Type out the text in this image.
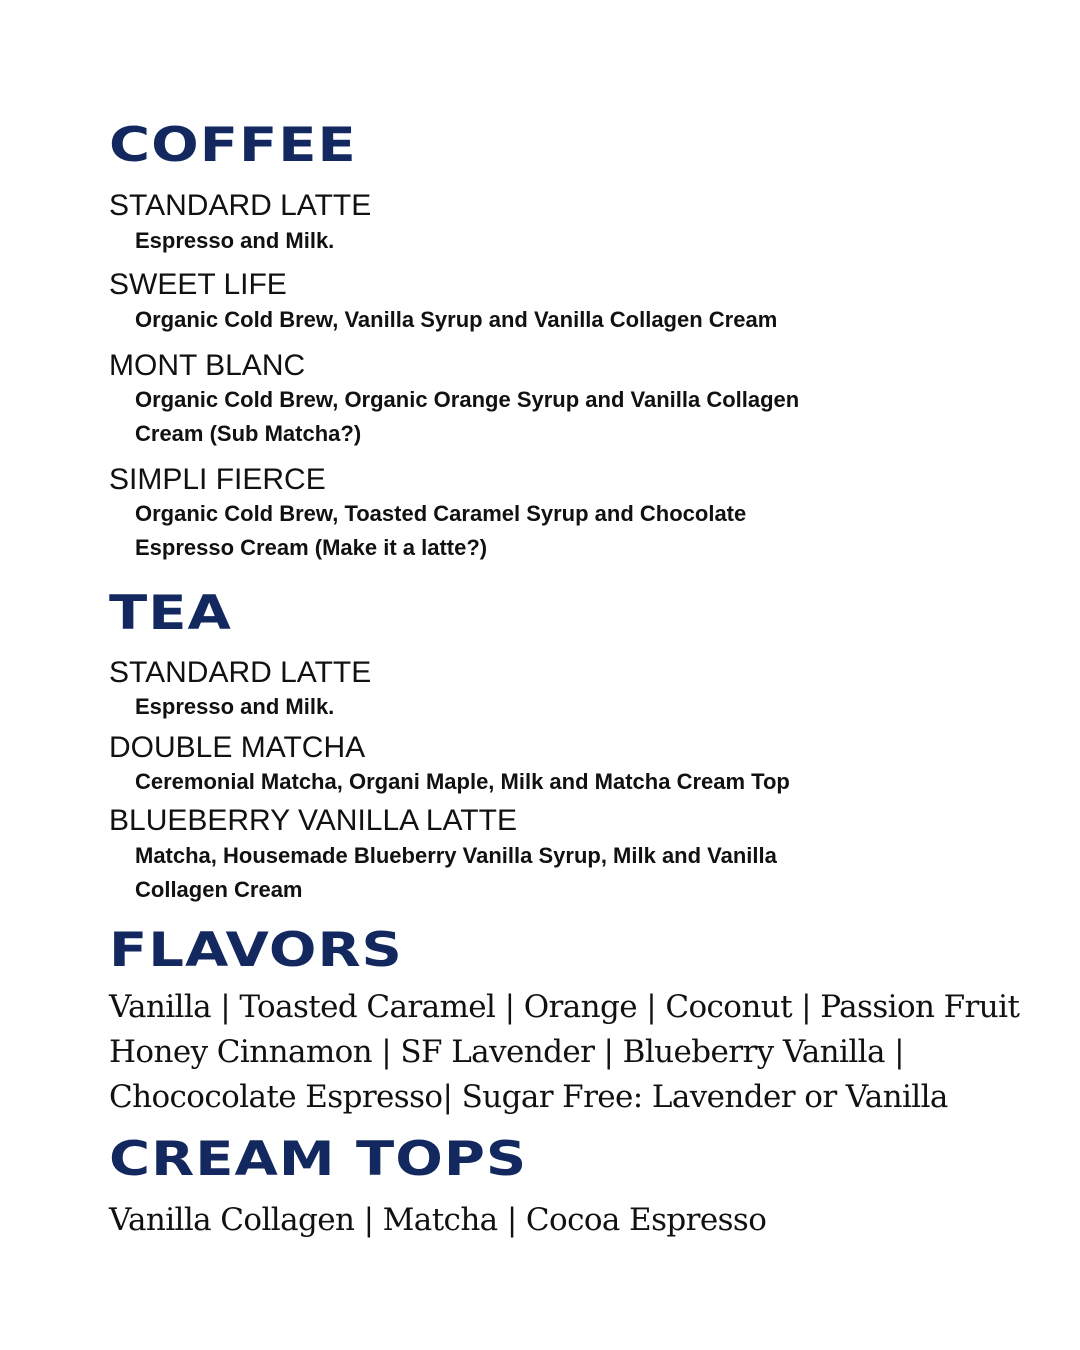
COFFEE

STANDARD LATTE

Espresso and Milk.

SWEET LIFE

Organic Cold Brew, Vanilla Syrup and Vanilla Collagen Cream

MONT BLANC

Organic Cold Brew, Organic Orange Syrup and Vanilla Collagen

Cream (Sub Matcha?)

SIMPLI FIERCE

Organic Cold Brew, Toasted Caramel Syrup and Chocolate

Espresso Cream (Make it a latte?)

TEA

STANDARD LATTE

Espresso and Milk.

DOUBLE MATCHA

Ceremonial Matcha, Organi Maple, Milk and Matcha Cream Top

BLUEBERRY VANILLA LATTE

Matcha, Housemade Blueberry Vanilla Syrup, Milk and Vanilla

Collagen Cream

FLAVORS

Vanilla | Toasted Caramel | Orange | Coconut | Passion Fruit

Honey Cinnamon | SF Lavender | Blueberry Vanilla |

Chococolate Espresso| Sugar Free: Lavender or Vanilla

CREAM TOPS

Vanilla Collagen | Matcha | Cocoa Espresso
